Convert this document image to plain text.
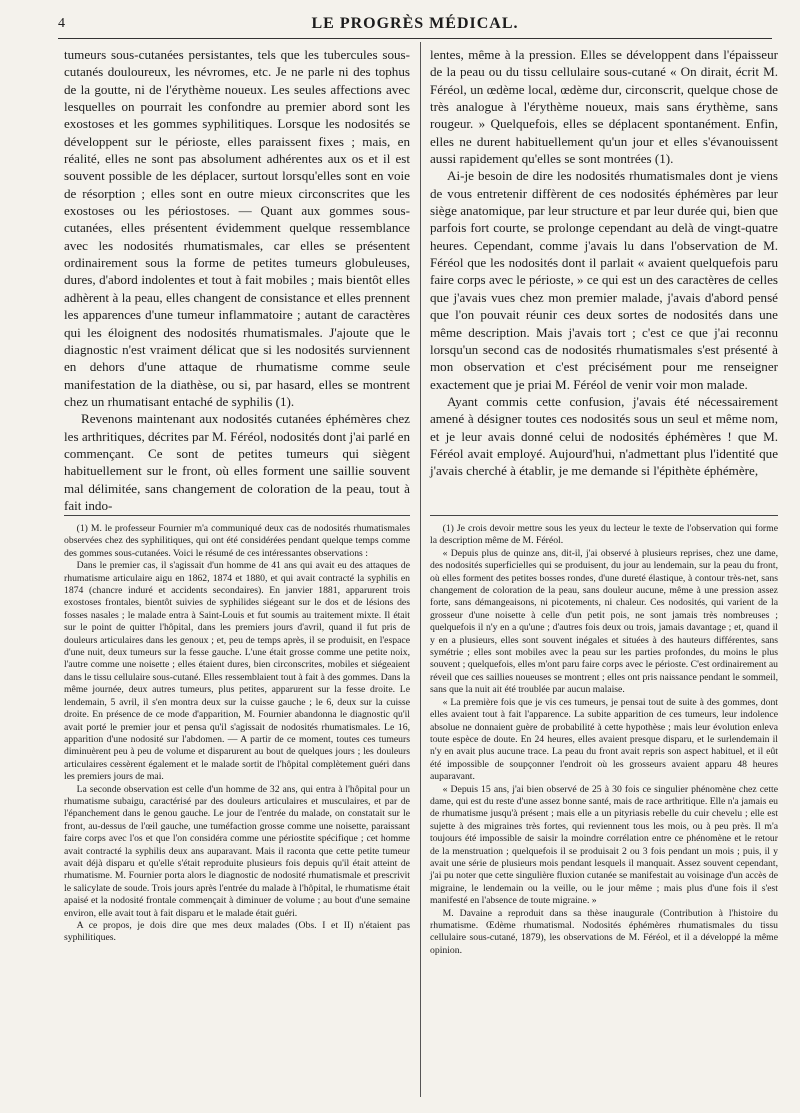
4	LE PROGRÈS MÉDICAL.

tumeurs sous-cutanées persistantes, tels que les tubercules sous-cutanés douloureux, les névromes, etc. Je ne parle ni des tophus de la goutte, ni de l'érythème noueux. Les seules affections avec lesquelles on pourrait les confondre au premier abord sont les exostoses et les gommes syphilitiques. Lorsque les nodosités se développent sur le périoste, elles paraissent fixes ; mais, en réalité, elles ne sont pas absolument adhérentes aux os et il est souvent possible de les déplacer, surtout lorsqu'elles sont en voie de résorption ; elles sont en outre mieux circonscrites que les exostoses ou les périostoses. — Quant aux gommes sous-cutanées, elles présentent évidemment quelque ressemblance avec les nodosités rhumatismales, car elles se présentent ordinairement sous la forme de petites tumeurs globuleuses, dures, d'abord indolentes et tout à fait mobiles ; mais bientôt elles adhèrent à la peau, elles changent de consistance et elles prennent les apparences d'une tumeur inflammatoire ; autant de caractères qui les éloignent des nodosités rhumatismales. J'ajoute que le diagnostic n'est vraiment délicat que si les nodosités surviennent en dehors d'une attaque de rhumatisme comme seule manifestation de la diathèse, ou si, par hasard, elles se montrent chez un rhumatisant entaché de syphilis (1).

Revenons maintenant aux nodosités cutanées éphémères chez les arthritiques, décrites par M. Féréol, nodosités dont j'ai parlé en commençant. Ce sont de petites tumeurs qui siègent habituellement sur le front, où elles forment une saillie souvent mal délimitée, sans changement de coloration de la peau, tout à fait indo-

lentes, même à la pression. Elles se développent dans l'épaisseur de la peau ou du tissu cellulaire sous-cutané « On dirait, écrit M. Féréol, un œdème local, œdème dur, circonscrit, quelque chose de très analogue à l'érythème noueux, mais sans érythème, sans rougeur. » Quelquefois, elles se déplacent spontanément. Enfin, elles ne durent habituellement qu'un jour et elles s'évanouissent aussi rapidement qu'elles se sont montrées (1).

Ai-je besoin de dire les nodosités rhumatismales dont je viens de vous entretenir diffèrent de ces nodosités éphémères par leur siège anatomique, par leur structure et par leur durée qui, bien que parfois fort courte, se prolonge cependant au delà de vingt-quatre heures. Cependant, comme j'avais lu dans l'observation de M. Féréol que les nodosités dont il parlait « avaient quelquefois paru faire corps avec le périoste, » ce qui est un des caractères de celles que j'avais vues chez mon premier malade, j'avais d'abord pensé que l'on pouvait réunir ces deux sortes de nodosités dans une même description. Mais j'avais tort ; c'est ce que j'ai reconnu lorsqu'un second cas de nodosités rhumatismales s'est présenté à mon observation et c'est précisément pour me renseigner exactement que je priai M. Féréol de venir voir mon malade.

Ayant commis cette confusion, j'avais été nécessairement amené à désigner toutes ces nodosités sous un seul et même nom, et je leur avais donné celui de nodosités éphémères ! que M. Féréol avait employé. Aujourd'hui, n'admettant plus l'identité que j'avais cherché à établir, je me demande si l'épithète éphémère,

(1) M. le professeur Fournier m'a communiqué deux cas de nodosités rhumatismales observées chez des syphilitiques, qui ont été considérées pendant quelque temps comme des gommes sous-cutanées. Voici le résumé de ces intéressantes observations :

Dans le premier cas, il s'agissait d'un homme de 41 ans qui avait eu des attaques de rhumatisme articulaire aigu en 1862, 1874 et 1880, et qui avait contracté la syphilis en 1874 (chancre induré et accidents secondaires). En janvier 1881, apparurent trois exostoses frontales, bientôt suivies de syphilides siégeant sur le dos et de lésions des fosses nasales ; le malade entra à Saint-Louis et fut soumis au traitement mixte. Il était sur le point de quitter l'hôpital, dans les premiers jours d'avril, quand il fut pris de douleurs articulaires dans les genoux ; et, peu de temps après, il se produisit, en l'espace d'une nuit, deux tumeurs sur la fesse gauche. L'une était grosse comme une petite noix, l'autre comme une noisette ; elles étaient dures, bien circonscrites, mobiles et siégeaient dans le tissu cellulaire sous-cutané. Elles ressemblaient tout à fait à des gommes. Dans la même journée, deux autres tumeurs, plus petites, apparurent sur la fesse droite. Le lendemain, 5 avril, il s'en montra deux sur la cuisse gauche ; le 6, deux sur la cuisse droite. En présence de ce mode d'apparition, M. Fournier abandonna le diagnostic qu'il avait porté le premier jour et pensa qu'il s'agissait de nodosités rhumatismales. Le 16, apparition d'une nodosité sur l'abdomen. — A partir de ce moment, toutes ces tumeurs diminuèrent peu à peu de volume et disparurent au bout de quelques jours ; les douleurs articulaires cessèrent également et le malade sortit de l'hôpital complètement guéri dans les premiers jours de mai.

La seconde observation est celle d'un homme de 32 ans, qui entra à l'hôpital pour un rhumatisme subaigu, caractérisé par des douleurs articulaires et musculaires, et par de l'épanchement dans le genou gauche. Le jour de l'entrée du malade, on constatait sur le front, au-dessus de l'œil gauche, une tuméfaction grosse comme une noisette, paraissant faire corps avec l'os et que l'on considéra comme une périostite spécifique ; cet homme avait contracté la syphilis deux ans auparavant. Mais il raconta que cette petite tumeur avait déjà disparu et qu'elle s'était reproduite plusieurs fois depuis qu'il était atteint de rhumatisme. M. Fournier porta alors le diagnostic de nodosité rhumatismale et prescrivit le salicylate de soude. Trois jours après l'entrée du malade à l'hôpital, le rhumatisme était apaisé et la nodosité frontale commençait à diminuer de volume ; au bout d'une semaine environ, elle avait tout à fait disparu et le malade était guéri.

A ce propos, je dois dire que mes deux malades (Obs. I et II) n'étaient pas syphilitiques.

(1) Je crois devoir mettre sous les yeux du lecteur le texte de l'observation qui forme la description même de M. Féréol.

« Depuis plus de quinze ans, dit-il, j'ai observé à plusieurs reprises, chez une dame, des nodosités superficielles qui se produisent, du jour au lendemain, sur la peau du front, où elles forment des petites bosses rondes, d'une dureté élastique, à contour très-net, sans changement de coloration de la peau, sans douleur aucune, même à une pression assez forte, sans démangeaisons, ni picotements, ni chaleur. Ces nodosités, qui varient de la grosseur d'une noisette à celle d'un petit pois, ne sont jamais très nombreuses ; quelquefois il n'y en a qu'une ; d'autres fois deux ou trois, jamais davantage ; et, quand il y en a plusieurs, elles sont souvent inégales et situées à des hauteurs différentes, sans symétrie ; elles sont mobiles avec la peau sur les parties profondes, du moins le plus souvent ; quelquefois, elles m'ont paru faire corps avec le périoste. C'est ordinairement au réveil que ces saillies noueuses se montrent ; elles ont pris naissance pendant le sommeil, sans que la nuit ait été troublée par aucun malaise.

« La première fois que je vis ces tumeurs, je pensai tout de suite à des gommes, dont elles avaient tout à fait l'apparence. La subite apparition de ces tumeurs, leur indolence absolue ne donnaient guère de probabilité à cette hypothèse ; mais leur évolution enleva toute espèce de doute. En 24 heures, elles avaient presque disparu, et le surlendemain il n'y en avait plus aucune trace. La peau du front avait repris son aspect habituel, et il eût été impossible de soupçonner l'endroit où les grosseurs avaient apparu 48 heures auparavant.

« Depuis 15 ans, j'ai bien observé de 25 à 30 fois ce singulier phénomène chez cette dame, qui est du reste d'une assez bonne santé, mais de race arthritique. Elle n'a jamais eu de rhumatisme jusqu'à présent ; mais elle a un pityriasis rebelle du cuir chevelu ; elle est sujette à des migraines très fortes, qui reviennent tous les mois, ou à peu près. Il m'a toujours été impossible de saisir la moindre corrélation entre ce phénomène et le retour de la menstruation ; quelquefois il se produisait 2 ou 3 fois pendant un mois ; puis, il y avait une série de plusieurs mois pendant lesquels il manquait. Assez souvent cependant, j'ai pu noter que cette singulière fluxion cutanée se manifestait au voisinage d'un accès de migraine, le lendemain ou la veille, ou le jour même ; mais plus d'une fois il s'est manifesté en l'absence de toute migraine. »

M. Davaine a reproduit dans sa thèse inaugurale (Contribution à l'histoire du rhumatisme. Œdème rhumatismal. Nodosités éphémères rhumatismales du tissu cellulaire sous-cutané, 1879), les observations de M. Féréol, et il a développé la même opinion.
